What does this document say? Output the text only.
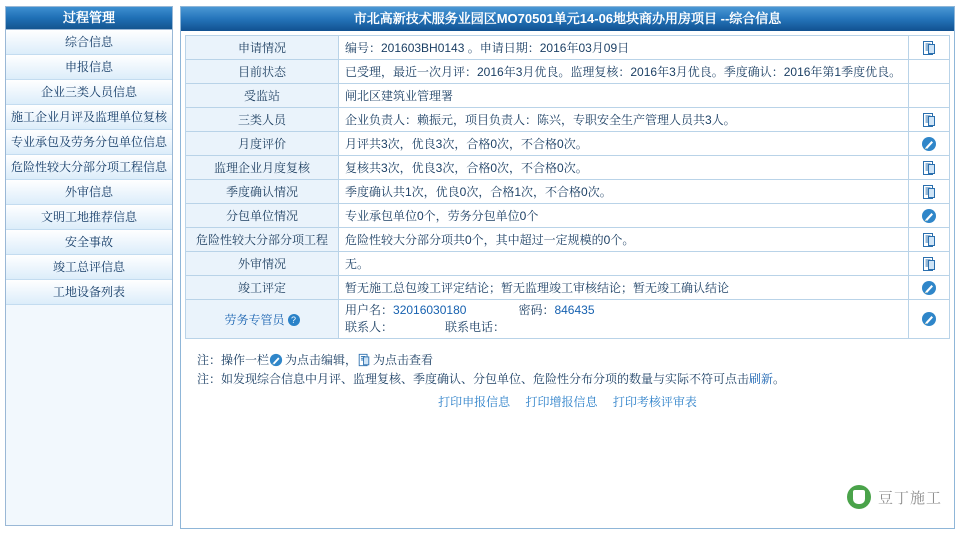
过程管理
综合信息
申报信息
企业三类人员信息
施工企业月评及监理单位复核
专业承包及劳务分包单位信息
危险性较大分部分项工程信息
外审信息
文明工地推荐信息
安全事故
竣工总评信息
工地设备列表
市北高新技术服务业园区MO70501单元14-06地块商办用房项目 --综合信息
申请情况	编号：201603BH0143 。申请日期：2016年03月09日	

目前状态	已受理，最近一次月评：2016年3月优良。监理复核：2016年3月优良。季度确认：2016年第1季度优良。	
受监站	闸北区建筑业管理署	
三类人员	企业负责人：赖振元，项目负责人：陈兴，专职安全生产管理人员共3人。	

月度评价	月评共3次，优良3次，合格0次，不合格0次。	

监理企业月度复核	复核共3次，优良3次，合格0次，不合格0次。	

季度确认情况	季度确认共1次，优良0次，合格1次，不合格0次。	

分包单位情况	专业承包单位0个，劳务分包单位0个	

危险性较大分部分项工程	危险性较大分部分项共0个，其中超过一定规模的0个。	

外审情况	无。	

竣工评定	暂无施工总包竣工评定结论；暂无监理竣工审核结论；暂无竣工确认结论	

劳务专管员 ?	用户名：32016030180 密码：846435
联系人： 联系电话：

注：操作一栏 为点击编辑， 为点击查看
注：如发现综合信息中月评、监理复核、季度确认、分包单位、危险性分布分项的数量与实际不符可点击刷新。
打印申报信息 打印增报信息 打印考核评审表
豆丁施工
